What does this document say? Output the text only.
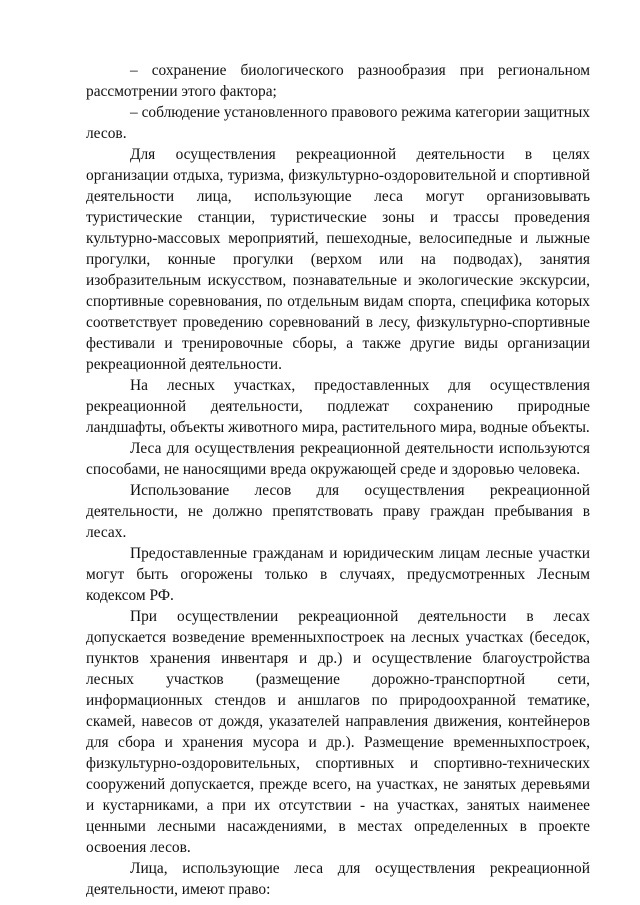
– сохранение биологического разнообразия при региональном рассмотрении этого фактора;

– соблюдение установленного правового режима категории защитных лесов.

Для осуществления рекреационной деятельности в целях организации отдыха, туризма, физкультурно-оздоровительной и спортивной деятельности лица, использующие леса могут организовывать туристические станции, туристические зоны и трассы проведения культурно-массовых мероприятий, пешеходные, велосипедные и лыжные прогулки, конные прогулки (верхом или на подводах), занятия изобразительным искусством, познавательные и экологические экскурсии, спортивные соревнования, по отдельным видам спорта, специфика которых соответствует проведению соревнований в лесу, физкультурно-спортивные фестивали и тренировочные сборы, а также другие виды организации рекреационной деятельности.

На лесных участках, предоставленных для осуществления рекреационной деятельности, подлежат сохранению природные ландшафты, объекты животного мира, растительного мира, водные объекты.

Леса для осуществления рекреационной деятельности используются способами, не наносящими вреда окружающей среде и здоровью человека.

Использование лесов для осуществления рекреационной деятельности, не должно препятствовать праву граждан пребывания в лесах.

Предоставленные гражданам и юридическим лицам лесные участки могут быть огорожены только в случаях, предусмотренных Лесным кодексом РФ.

При осуществлении рекреационной деятельности в лесах допускается возведение временныхпостроек на лесных участках (беседок, пунктов хранения инвентаря и др.) и осуществление благоустройства лесных участков (размещение дорожно-транспортной сети, информационных стендов и аншлагов по природоохранной тематике, скамей, навесов от дождя, указателей направления движения, контейнеров для сбора и хранения мусора и др.). Размещение временныхпостроек, физкультурно-оздоровительных, спортивных и спортивно-технических сооружений допускается, прежде всего, на участках, не занятых деревьями и кустарниками, а при их отсутствии - на участках, занятых наименее ценными лесными насаждениями, в местах определенных в проекте освоения лесов.

Лица, использующие леса для осуществления рекреационной деятельности, имеют право:
